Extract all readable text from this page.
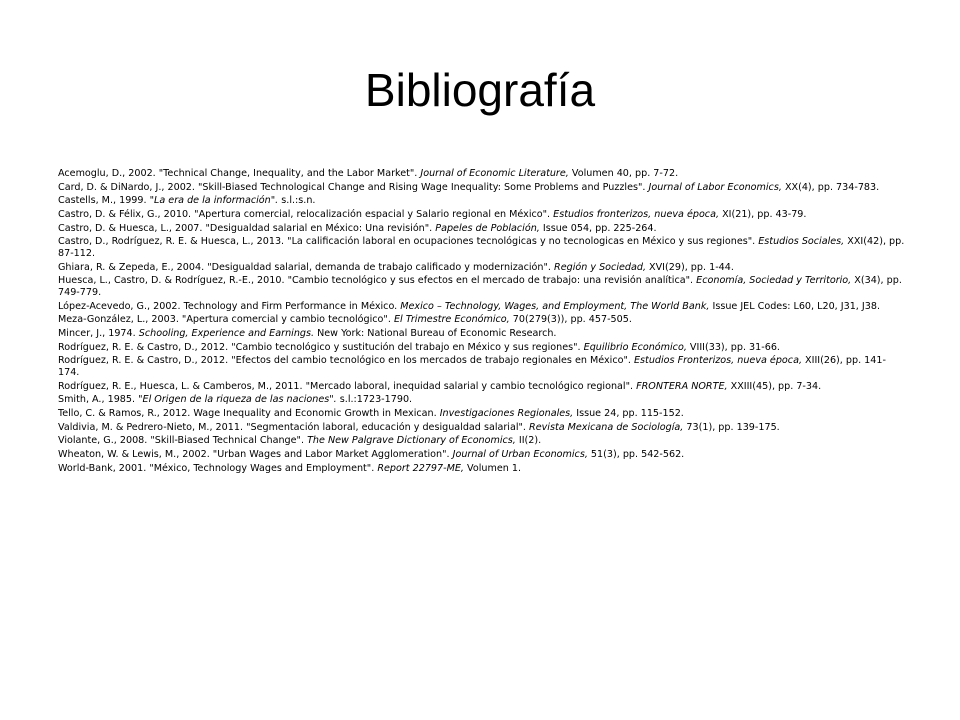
Bibliografía
Acemoglu, D., 2002. "Technical Change, Inequality, and the Labor Market". Journal of Economic Literature, Volumen 40, pp. 7-72.
Card, D. & DiNardo, J., 2002. "Skill-Biased Technological Change and Rising Wage Inequality: Some Problems and Puzzles". Journal of Labor Economics, XX(4), pp. 734-783.
Castells, M., 1999. "La era de la información". s.l.:s.n.
Castro, D. & Félix, G., 2010. "Apertura comercial, relocalización espacial y Salario regional en México". Estudios fronterizos, nueva época, XI(21), pp. 43-79.
Castro, D. & Huesca, L., 2007. "Desigualdad salarial en México: Una revisión". Papeles de Población, Issue 054, pp. 225-264.
Castro, D., Rodríguez, R. E. & Huesca, L., 2013. "La calificación laboral en ocupaciones tecnológicas y no tecnologicas en México y sus regiones". Estudios Sociales, XXI(42), pp. 87-112.
Ghiara, R. & Zepeda, E., 2004. "Desigualdad salarial, demanda de trabajo calificado y modernización". Región y Sociedad, XVI(29), pp. 1-44.
Huesca, L., Castro, D. & Rodríguez, R.-E., 2010. "Cambio tecnológico y sus efectos en el mercado de trabajo: una revisión analítica". Economía, Sociedad y Territorio, X(34), pp. 749-779.
López-Acevedo, G., 2002. Technology and Firm Performance in México. Mexico – Technology, Wages, and Employment, The World Bank, Issue JEL Codes: L60, L20, J31, J38.
Meza-González, L., 2003. "Apertura comercial y cambio tecnológico". El Trimestre Económico, 70(279(3)), pp. 457-505.
Mincer, J., 1974. Schooling, Experience and Earnings. New York: National Bureau of Economic Research.
Rodríguez, R. E. & Castro, D., 2012. "Cambio tecnológico y sustitución del trabajo en México y sus regiones". Equilibrio Económico, VIII(33), pp. 31-66.
Rodríguez, R. E. & Castro, D., 2012. "Efectos del cambio tecnológico en los mercados de trabajo regionales en México". Estudios Fronterizos, nueva época, XIII(26), pp. 141-174.
Rodríguez, R. E., Huesca, L. & Camberos, M., 2011. "Mercado laboral, inequidad salarial y cambio tecnológico regional". FRONTERA NORTE, XXIII(45), pp. 7-34.
Smith, A., 1985. "El Origen de la riqueza de las naciones". s.l.:1723-1790.
Tello, C. & Ramos, R., 2012. Wage Inequality and Economic Growth in Mexican. Investigaciones Regionales, Issue 24, pp. 115-152.
Valdivia, M. & Pedrero-Nieto, M., 2011. "Segmentación laboral, educación y desigualdad salarial". Revista Mexicana de Sociología, 73(1), pp. 139-175.
Violante, G., 2008. "Skill-Biased Technical Change". The New Palgrave Dictionary of Economics, II(2).
Wheaton, W. & Lewis, M., 2002. "Urban Wages and Labor Market Agglomeration". Journal of Urban Economics, 51(3), pp. 542-562.
World-Bank, 2001. "México, Technology Wages and Employment". Report 22797-ME, Volumen 1.
